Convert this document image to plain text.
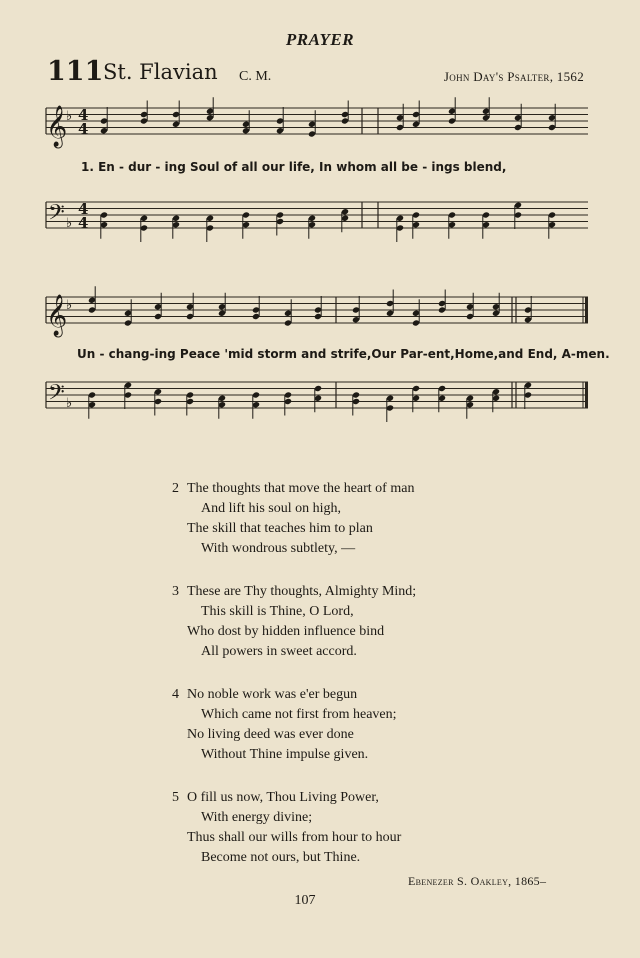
PRAYER
111 St. Flavian C. M.	John Day's Psalter, 1562
𝄞
♭ 4
4
1. En - dur - ing Soul of all our life, In whom all be - ings blend,
𝄢 ♭
4
4
𝄞
♭
Un - chang-ing Peace 'mid storm and strife,Our Par-ent,Home,and End, A-men.
𝄢 ♭
2 The thoughts that move the heart of man
And lift his soul on high,
The skill that teaches him to plan
With wondrous subtlety, —
3 These are Thy thoughts, Almighty Mind;
This skill is Thine, O Lord,
Who dost by hidden influence bind
All powers in sweet accord.
4 No noble work was e'er begun
Which came not first from heaven;
No living deed was ever done
Without Thine impulse given.
5 O fill us now, Thou Living Power,
With energy divine;
Thus shall our wills from hour to hour
Become not ours, but Thine.
Ebenezer S. Oakley, 1865–
107
